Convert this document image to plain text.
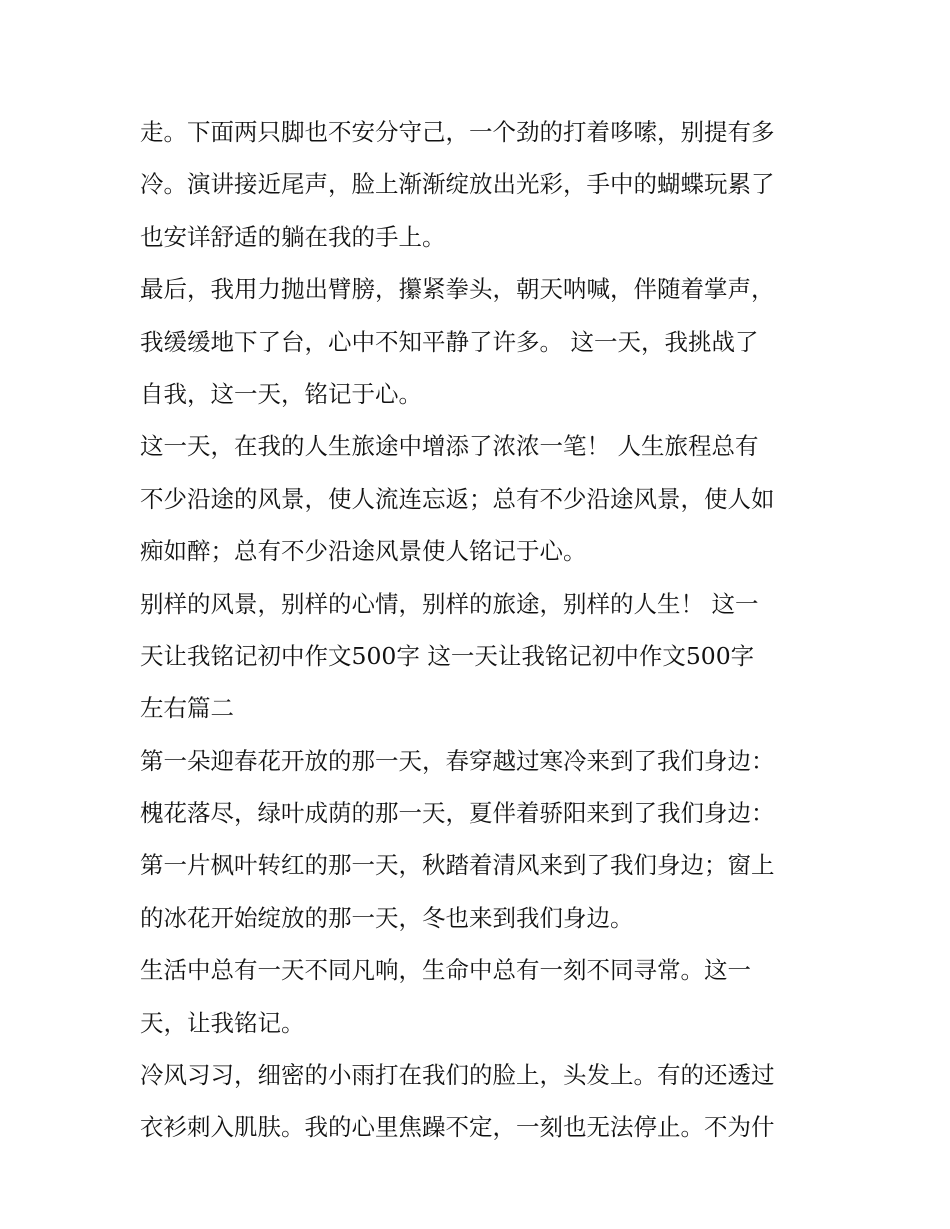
走。下面两只脚也不安分守己，一个劲的打着哆嗦，别提有多
冷。演讲接近尾声，脸上渐渐绽放出光彩，手中的蝴蝶玩累了
也安详舒适的躺在我的手上。
最后，我用力抛出臂膀，攥紧拳头，朝天呐喊，伴随着掌声，
我缓缓地下了台，心中不知平静了许多。 这一天，我挑战了
自我，这一天，铭记于心。
这一天，在我的人生旅途中增添了浓浓一笔！ 人生旅程总有
不少沿途的风景，使人流连忘返；总有不少沿途风景，使人如
痴如醉；总有不少沿途风景使人铭记于心。
别样的风景，别样的心情，别样的旅途，别样的人生！ 这一
天让我铭记初中作文500字 这一天让我铭记初中作文500字
左右篇二
第一朵迎春花开放的那一天，春穿越过寒冷来到了我们身边：
槐花落尽，绿叶成荫的那一天，夏伴着骄阳来到了我们身边：
第一片枫叶转红的那一天，秋踏着清风来到了我们身边；窗上
的冰花开始绽放的那一天，冬也来到我们身边。
生活中总有一天不同凡响，生命中总有一刻不同寻常。这一
天，让我铭记。
冷风习习，细密的小雨打在我们的脸上，头发上。有的还透过
衣衫刺入肌肤。我的心里焦躁不定，一刻也无法停止。不为什
